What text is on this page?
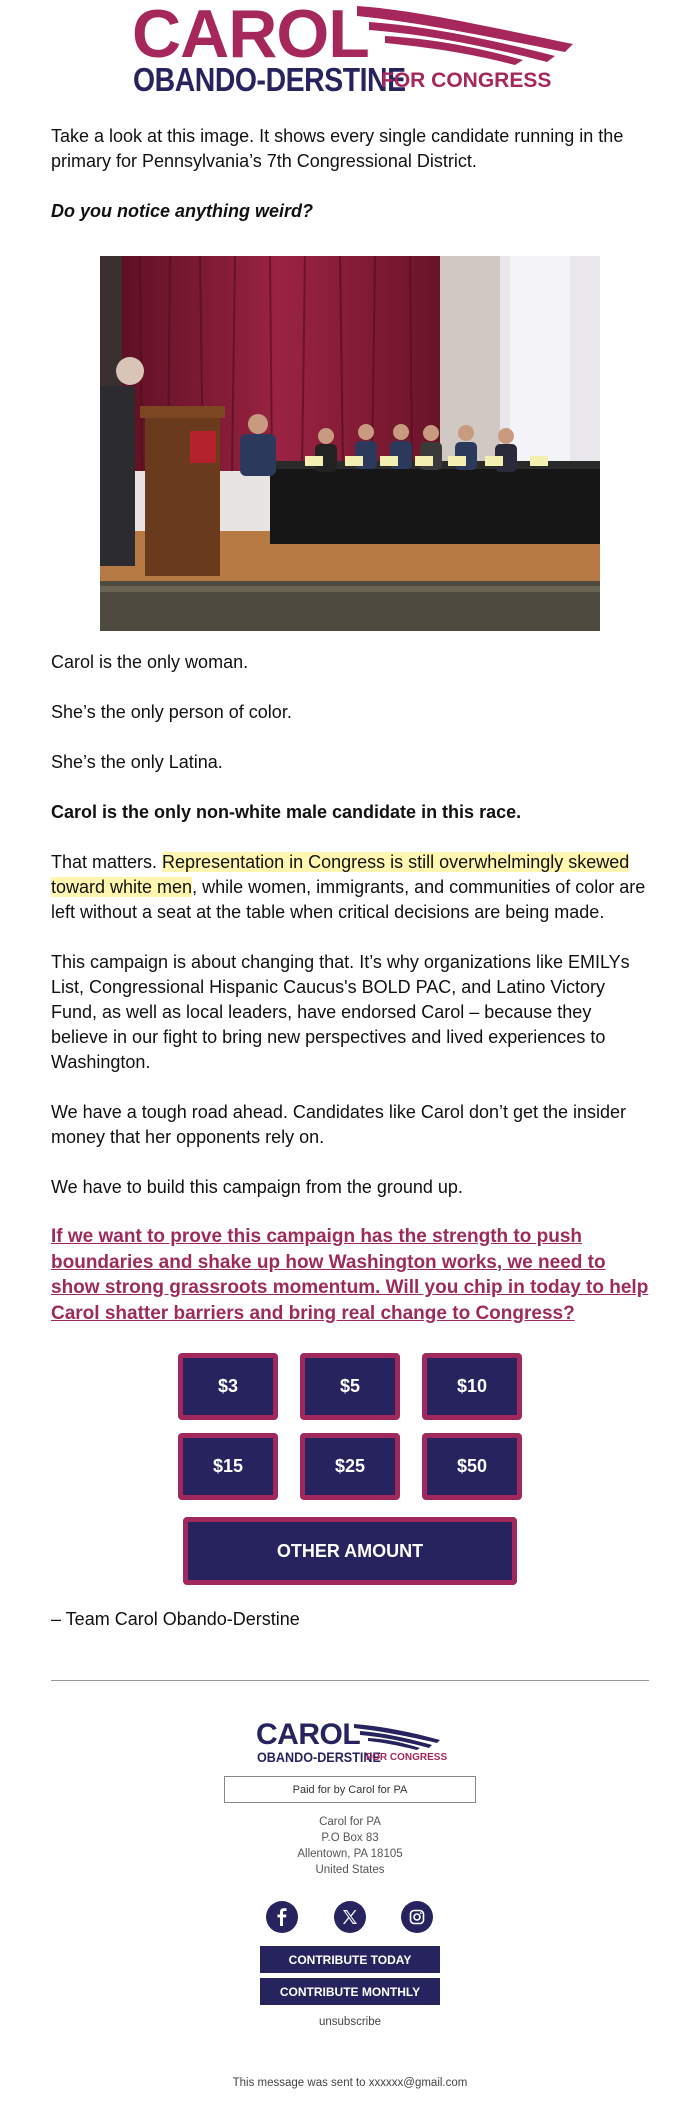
CAROL
OBANDO-DERSTINE
FOR CONGRESS

Take a look at this image. It shows every single candidate running in the primary for Pennsylvania’s 7th Congressional District.

Do you notice anything weird?

Carol is the only woman.

She’s the only person of color.

She’s the only Latina.

Carol is the only non-white male candidate in this race.

That matters. Representation in Congress is still overwhelmingly skewed toward white men, while women, immigrants, and communities of color are left without a seat at the table when critical decisions are being made.

This campaign is about changing that. It’s why organizations like EMILYs List, Congressional Hispanic Caucus's BOLD PAC, and Latino Victory Fund, as well as local leaders, have endorsed Carol – because they believe in our fight to bring new perspectives and lived experiences to Washington.

We have a tough road ahead. Candidates like Carol don’t get the insider money that her opponents rely on.

We have to build this campaign from the ground up.

If we want to prove this campaign has the strength to push boundaries and shake up how Washington works, we need to show strong grassroots momentum. Will you chip in today to help Carol shatter barriers and bring real change to Congress?
$3	$5	$10
$15	$25	$50
OTHER AMOUNT

– Team Carol Obando-Derstine

CAROL
OBANDO-DERSTINE
FOR CONGRESS
Paid for by Carol for PA
Carol for PA
P.O Box 83
Allentown, PA 18105
United States
CONTRIBUTE TODAY
CONTRIBUTE MONTHLY
unsubscribe
This message was sent to xxxxxx@gmail.com
